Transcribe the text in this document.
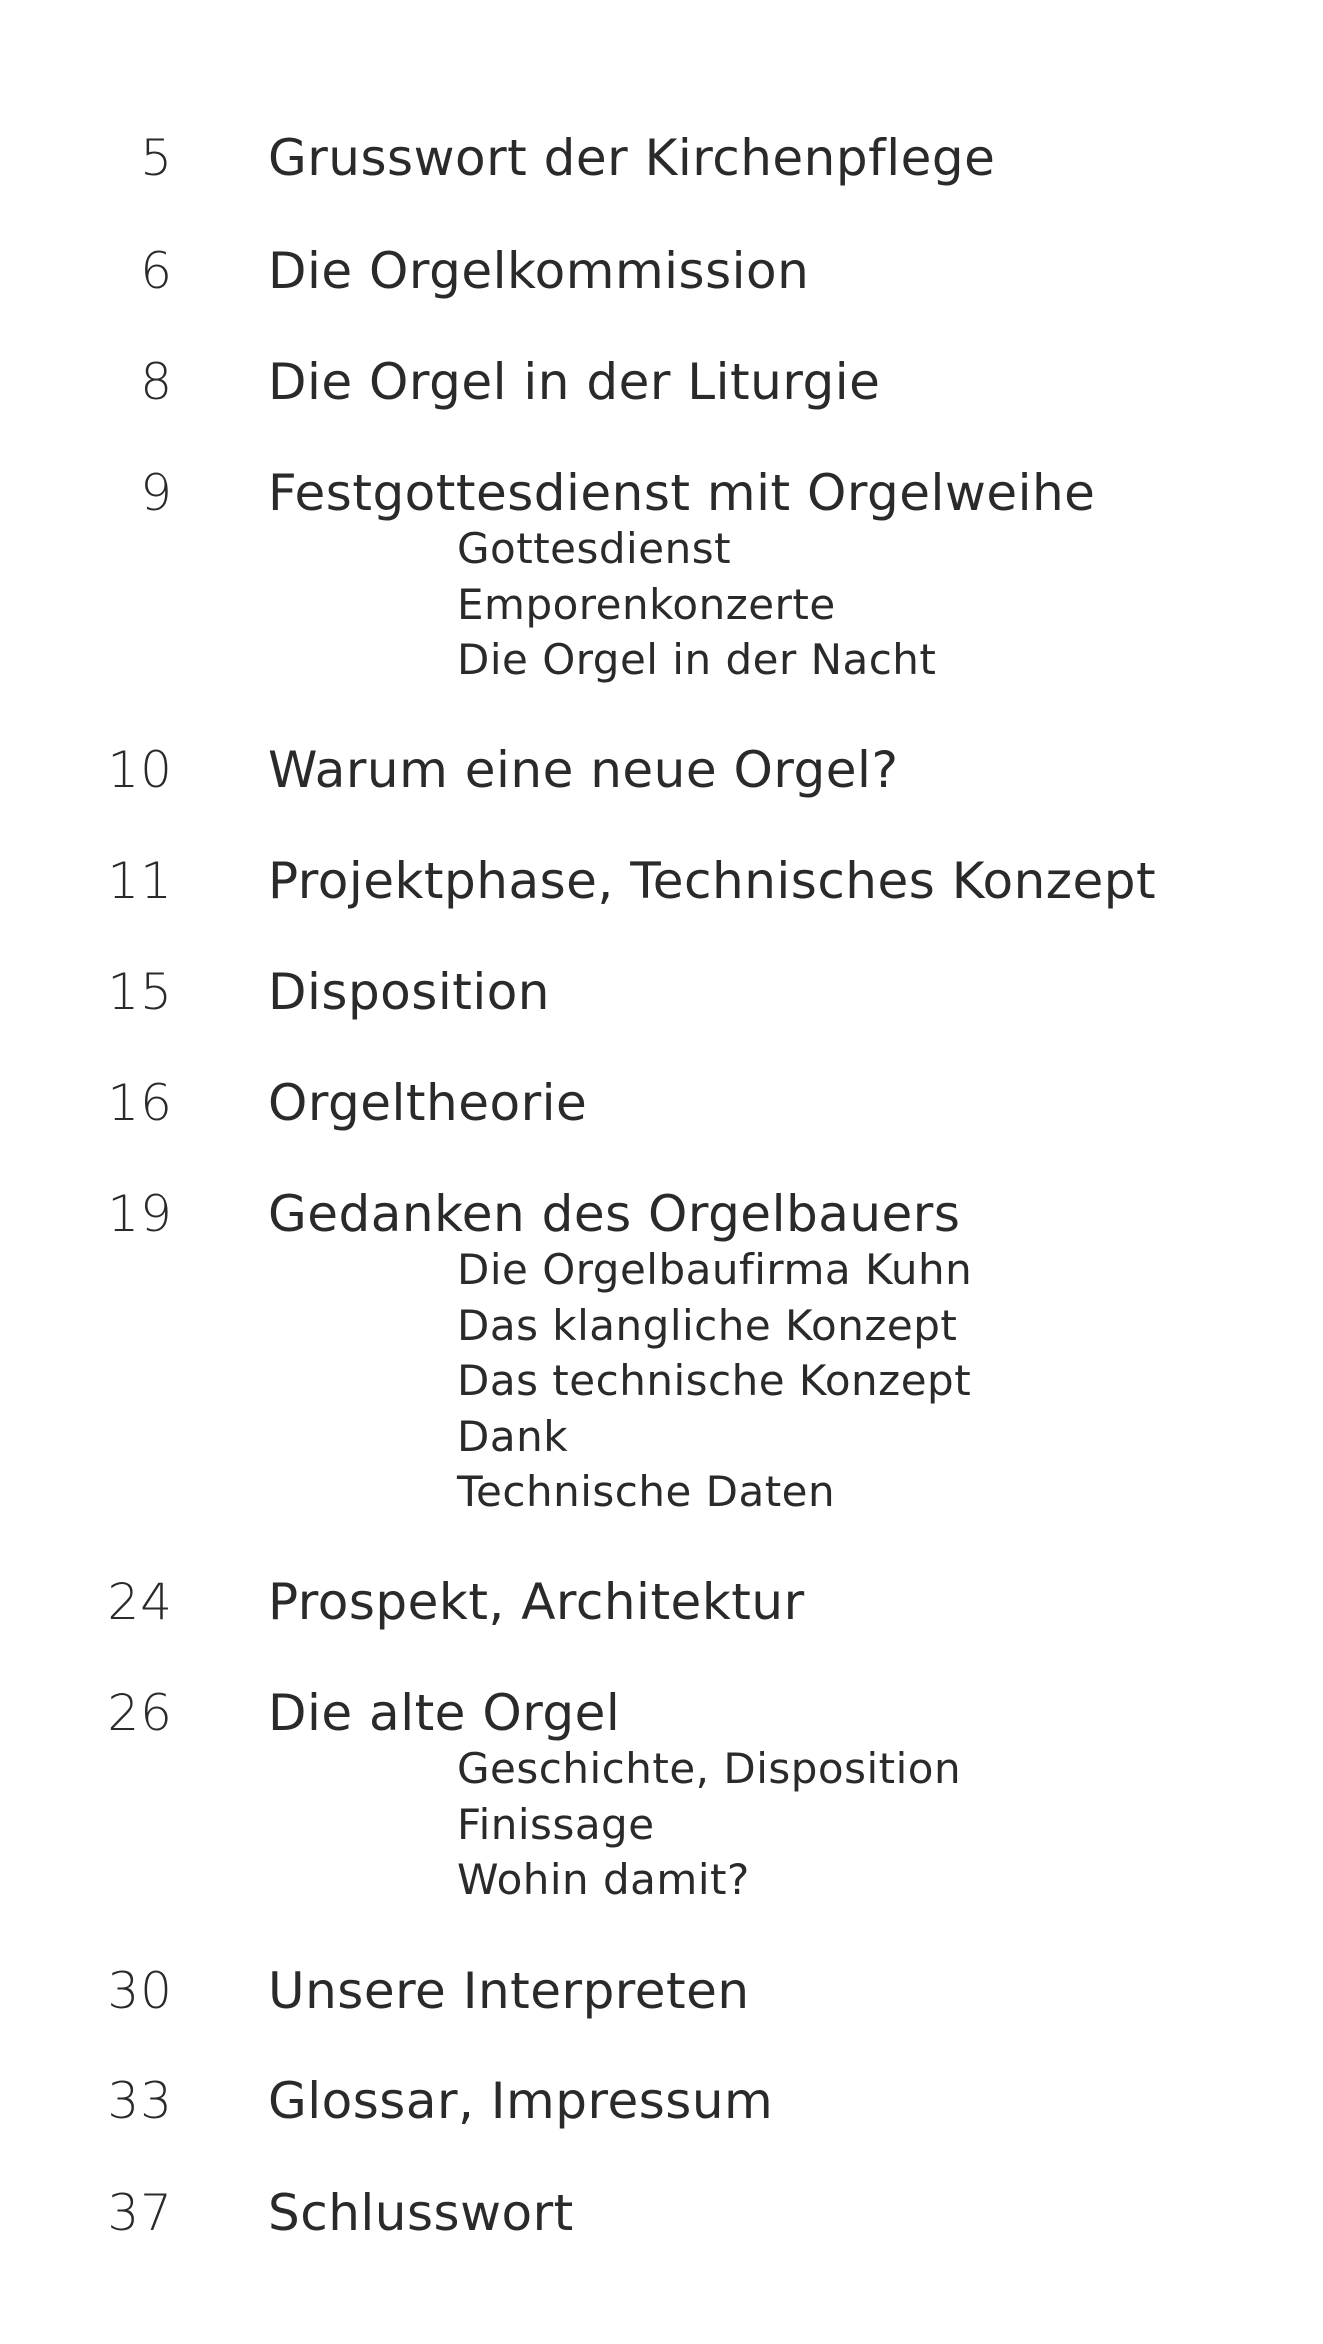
5 Grusswort der Kirchenpflege
6 Die Orgelkommission
8 Die Orgel in der Liturgie
9 Festgottesdienst mit Orgelweihe
Gottesdienst
Emporenkonzerte
Die Orgel in der Nacht
10 Warum eine neue Orgel?
11 Projektphase, Technisches Konzept
15 Disposition
16 Orgeltheorie
19 Gedanken des Orgelbauers
Die Orgelbaufirma Kuhn
Das klangliche Konzept
Das technische Konzept
Dank
Technische Daten
24 Prospekt, Architektur
26 Die alte Orgel
Geschichte, Disposition
Finissage
Wohin damit?
30 Unsere Interpreten
33 Glossar, Impressum
37 Schlusswort
